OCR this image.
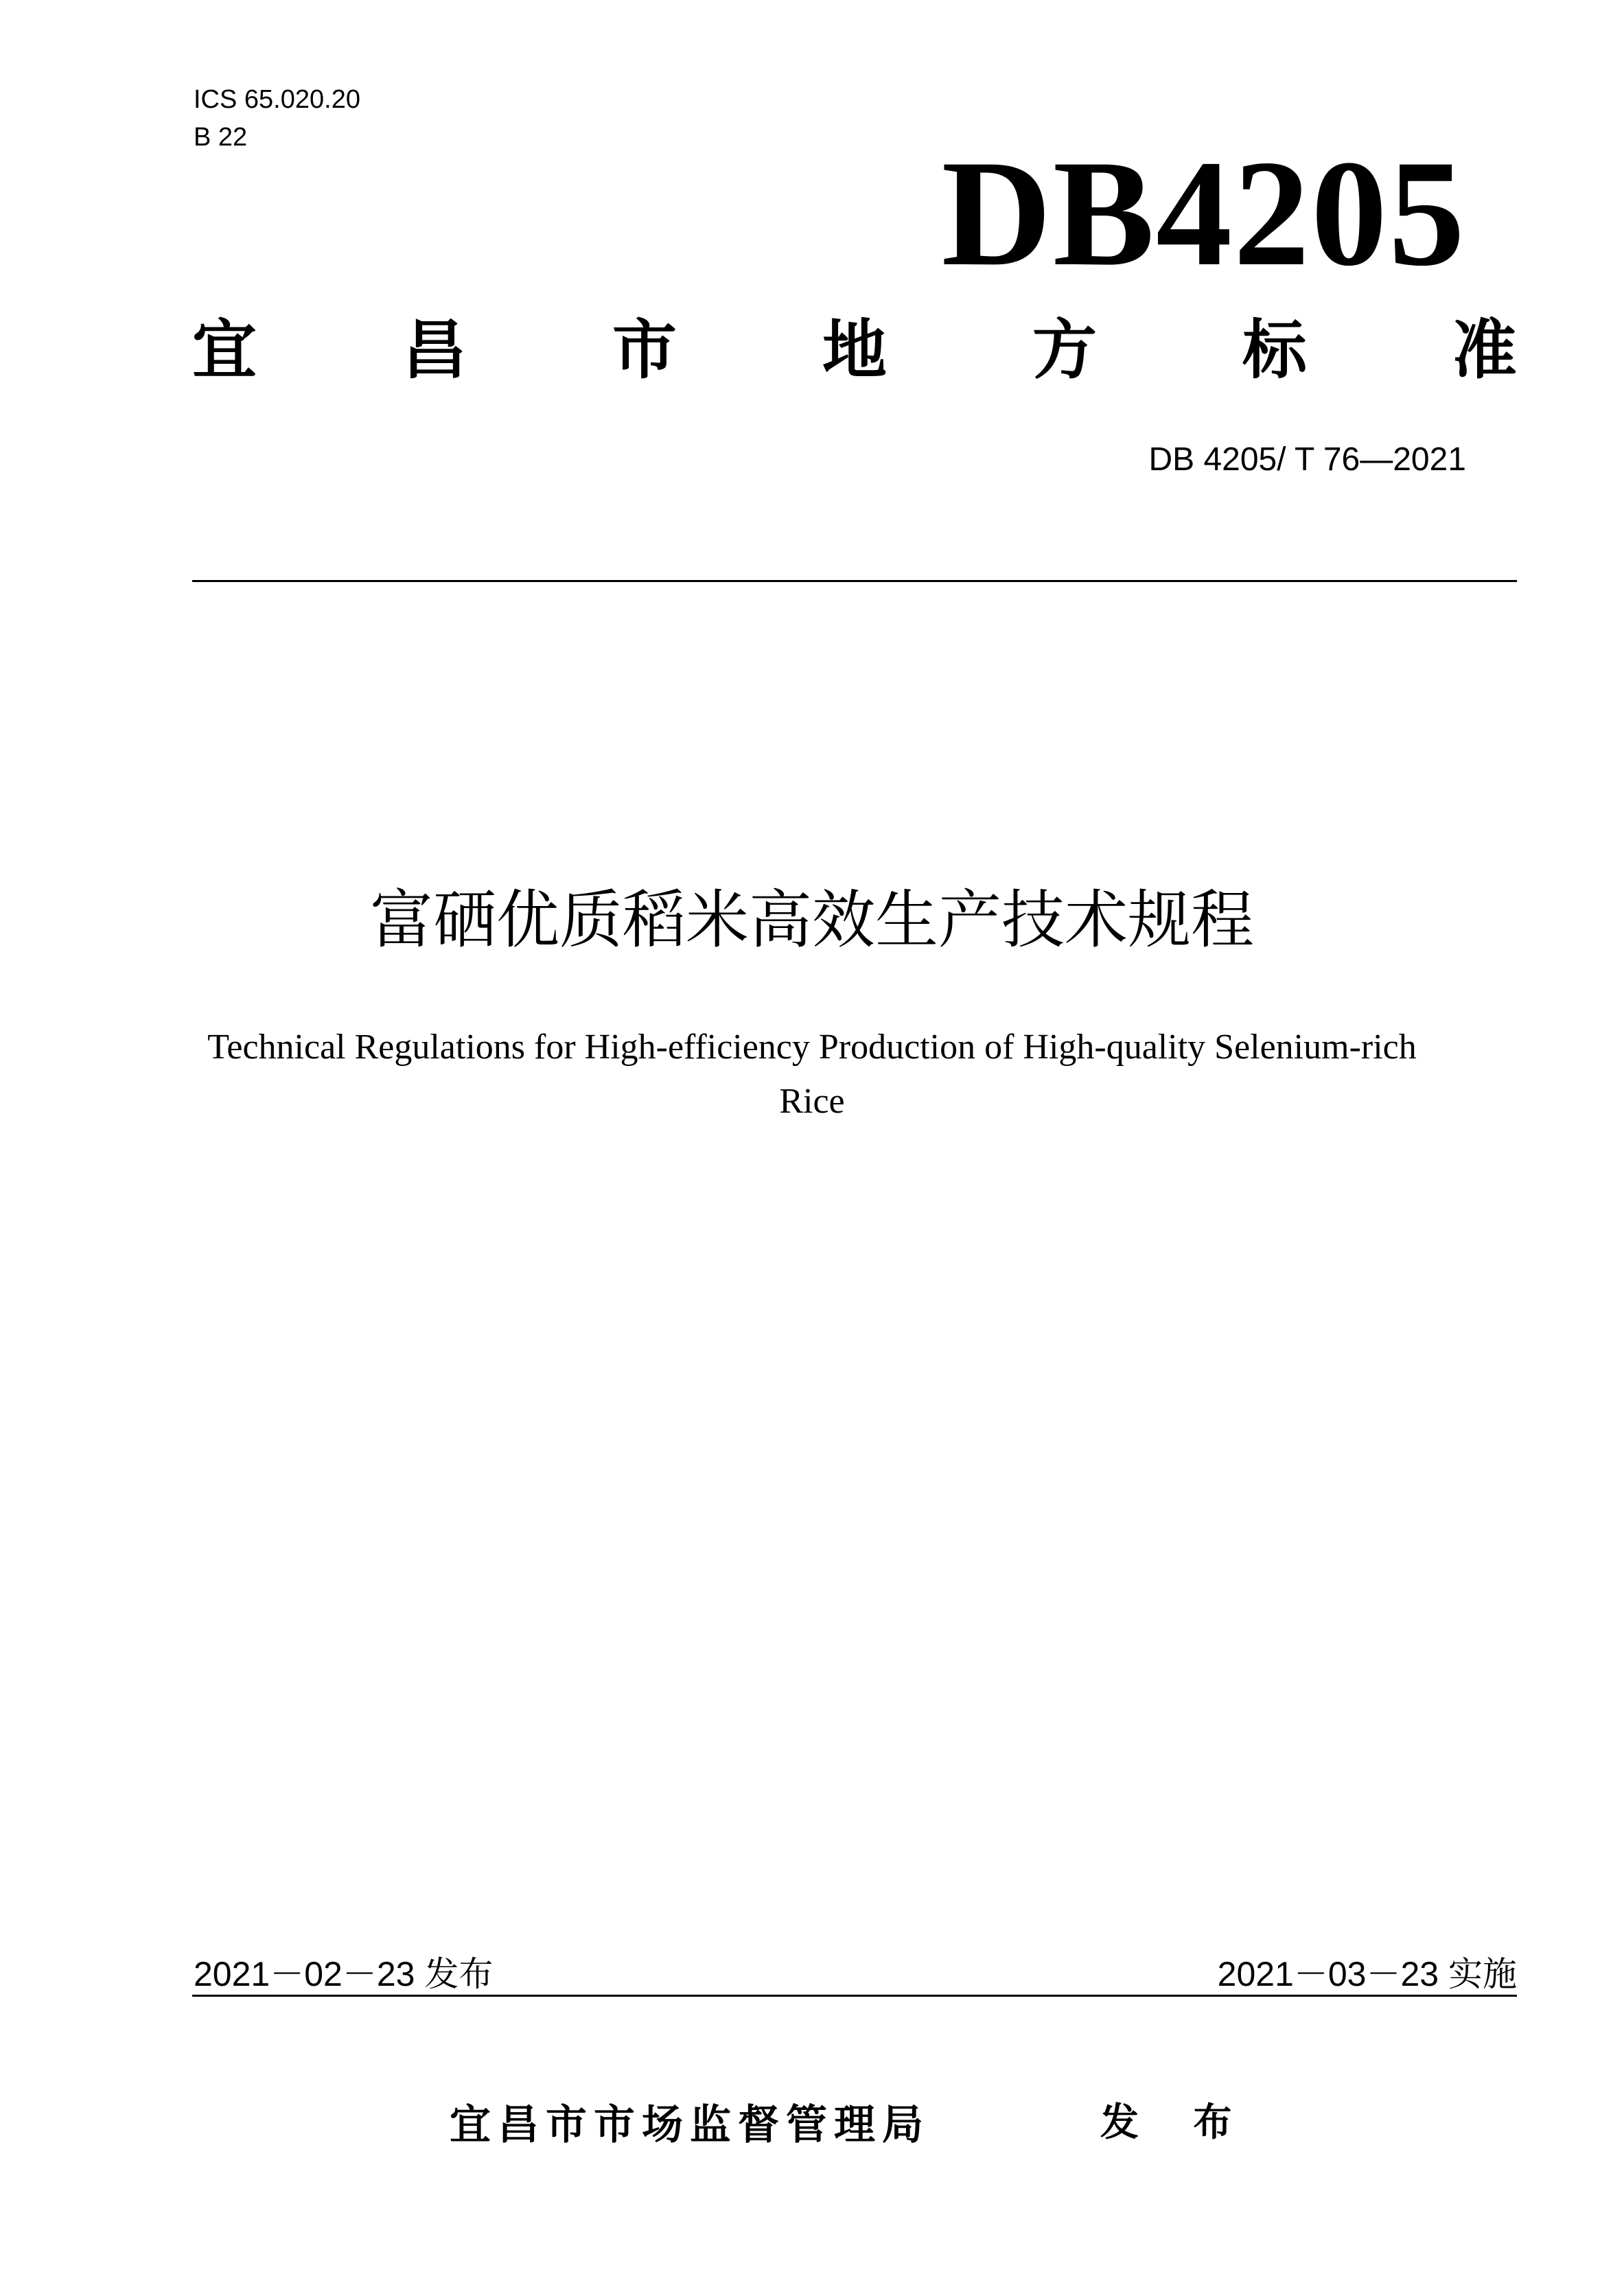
ICS 65.020.20
B 22	DB4205
宜 昌 市 地 方 标 准
DB 4205/ T 76—2021
富硒优质稻米高效生产技术规程
Technical Regulations for High-efficiency Production of High-quality Selenium-rich
Rice
2021－02－23 发布	2021－03－23 实施
宜昌市市场监督管理局	发 布
